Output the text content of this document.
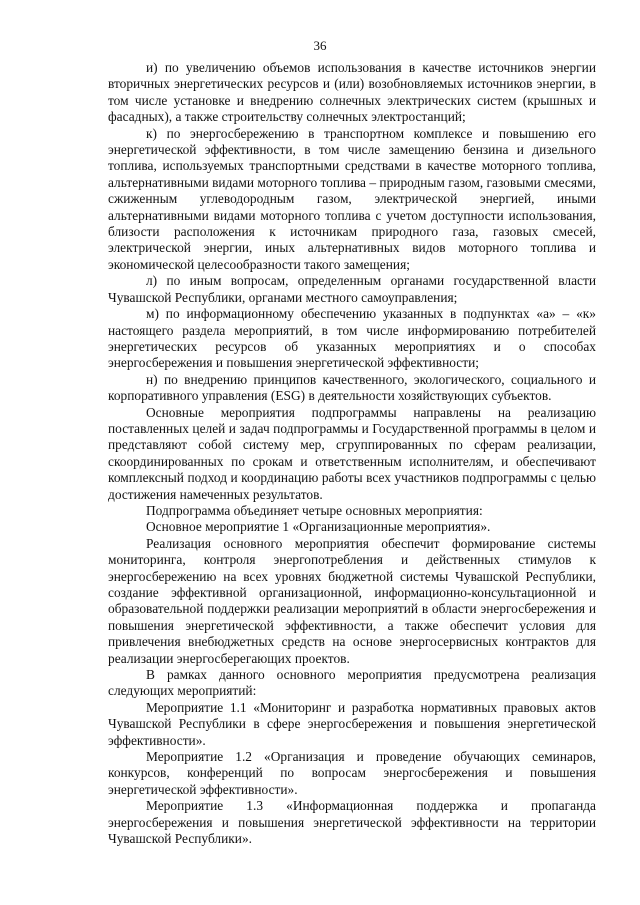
36

и) по увеличению объемов использования в качестве источников энергии вторичных энергетических ресурсов и (или) возобновляемых источников энергии, в том числе установке и внедрению солнечных электрических систем (крышных и фасадных), а также строительству солнечных электростанций;

к) по энергосбережению в транспортном комплексе и повышению его энергетической эффективности, в том числе замещению бензина и дизельного топлива, используемых транспортными средствами в качестве моторного топлива, альтернативными видами моторного топлива – природным газом, газовыми смесями, сжиженным углеводородным газом, электрической энергией, иными альтернативными видами моторного топлива с учетом доступности использования, близости расположения к источникам природного газа, газовых смесей, электрической энергии, иных альтернативных видов моторного топлива и экономической целесообразности такого замещения;

л) по иным вопросам, определенным органами государственной власти Чувашской Республики, органами местного самоуправления;

м) по информационному обеспечению указанных в подпунктах «а» – «к» настоящего раздела мероприятий, в том числе информированию потребителей энергетических ресурсов об указанных мероприятиях и о способах энергосбережения и повышения энергетической эффективности;

н) по внедрению принципов качественного, экологического, социального и корпоративного управления (ESG) в деятельности хозяйствующих субъектов.

Основные мероприятия подпрограммы направлены на реализацию поставленных целей и задач подпрограммы и Государственной программы в целом и представляют собой систему мер, сгруппированных по сферам реализации, скоординированных по срокам и ответственным исполнителям, и обеспечивают комплексный подход и координацию работы всех участников подпрограммы с целью достижения намеченных результатов.

Подпрограмма объединяет четыре основных мероприятия:

Основное мероприятие 1 «Организационные мероприятия».

Реализация основного мероприятия обеспечит формирование системы мониторинга, контроля энергопотребления и действенных стимулов к энергосбережению на всех уровнях бюджетной системы Чувашской Республики, создание эффективной организационной, информационно-консультационной и образовательной поддержки реализации мероприятий в области энергосбережения и повышения энергетической эффективности, а также обеспечит условия для привлечения внебюджетных средств на основе энергосервисных контрактов для реализации энергосберегающих проектов.

В рамках данного основного мероприятия предусмотрена реализация следующих мероприятий:

Мероприятие 1.1 «Мониторинг и разработка нормативных правовых актов Чувашской Республики в сфере энергосбережения и повышения энергетической эффективности».

Мероприятие 1.2 «Организация и проведение обучающих семинаров, конкурсов, конференций по вопросам энергосбережения и повышения энергетической эффективности».

Мероприятие 1.3 «Информационная поддержка и пропаганда энергосбережения и повышения энергетической эффективности на территории Чувашской Республики».
